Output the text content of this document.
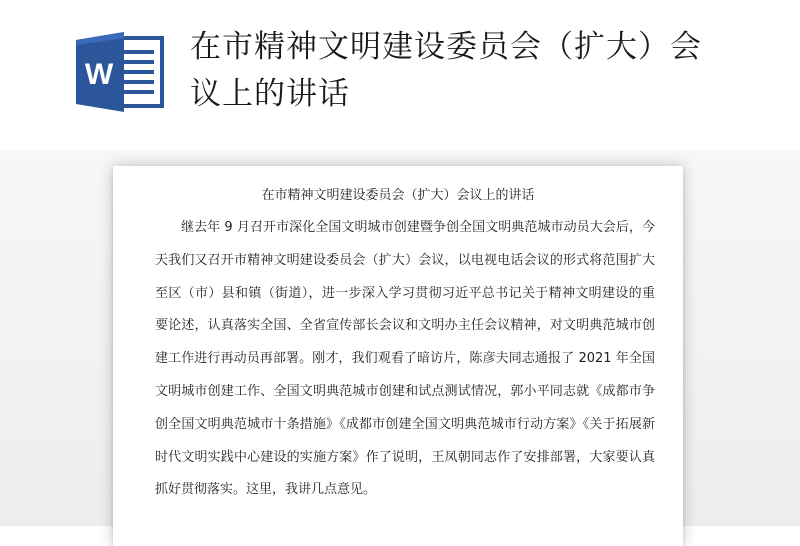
W
在市精神文明建设委员会（扩大）会议上的讲话
在市精神文明建设委员会（扩大）会议上的讲话

继去年 9 月召开市深化全国文明城市创建暨争创全国文明典范城市动员大会后，今天我们又召开市精神文明建设委员会（扩大）会议，以电视电话会议的形式将范围扩大至区（市）县和镇（街道），进一步深入学习贯彻习近平总书记关于精神文明建设的重要论述，认真落实全国、全省宣传部长会议和文明办主任会议精神，对文明典范城市创建工作进行再动员再部署。刚才，我们观看了暗访片，陈彦夫同志通报了 2021 年全国文明城市创建工作、全国文明典范城市创建和试点测试情况，郭小平同志就《成都市争创全国文明典范城市十条措施》《成都市创建全国文明典范城市行动方案》《关于拓展新时代文明实践中心建设的实施方案》作了说明，王凤朝同志作了安排部署，大家要认真抓好贯彻落实。这里，我讲几点意见。
